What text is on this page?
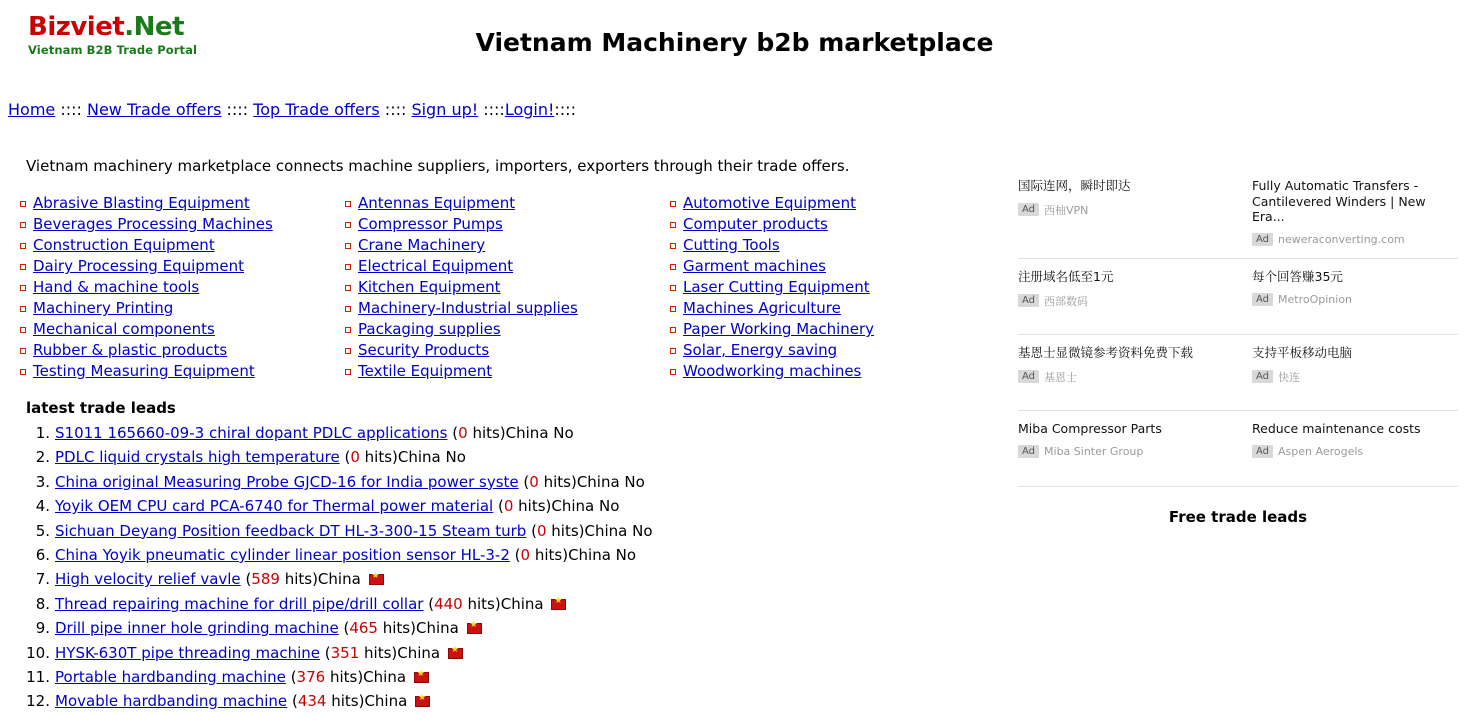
Bizviet.Net
Vietnam B2B Trade Portal	Vietnam Machinery b2b marketplace
Home :::: New Trade offers :::: Top Trade offers :::: Sign up! ::::Login!::::
Vietnam machinery marketplace connects machine suppliers, importers, exporters through their trade offers.
Abrasive Blasting Equipment
Beverages Processing Machines
Construction Equipment
Dairy Processing Equipment
Hand & machine tools
Machinery Printing
Mechanical components
Rubber & plastic products
Testing Measuring Equipment
Antennas Equipment
Compressor Pumps
Crane Machinery
Electrical Equipment
Kitchen Equipment
Machinery-Industrial supplies
Packaging supplies
Security Products
Textile Equipment
Automotive Equipment
Computer products
Cutting Tools
Garment machines
Laser Cutting Equipment
Machines Agriculture
Paper Working Machinery
Solar, Energy saving
Woodworking machines
latest trade leads
1. S1011 165660-09-3 chiral dopant PDLC applications (0 hits)China No
2. PDLC liquid crystals high temperature (0 hits)China No
3. China original Measuring Probe GJCD-16 for India power syste (0 hits)China No
4. Yoyik OEM CPU card PCA-6740 for Thermal power material (0 hits)China No
5. Sichuan Deyang Position feedback DT HL-3-300-15 Steam turb (0 hits)China No
6. China Yoyik pneumatic cylinder linear position sensor HL-3-2 (0 hits)China No
7. High velocity relief vavle (589 hits)China ★
8. Thread repairing machine for drill pipe/drill collar (440 hits)China ★
9. Drill pipe inner hole grinding machine (465 hits)China ★
10. HYSK-630T pipe threading machine (351 hits)China ★
11. Portable hardbanding machine (376 hits)China ★
12. Movable hardbanding machine (434 hits)China ★
国际连网，瞬时即达
Ad 西柚VPN
Fully Automatic Transfers - Cantilevered Winders | New Era...
Ad neweraconverting.com
注册域名低至1元
Ad 西部数码
每个回答赚35元
Ad MetroOpinion
基恩士显微镜参考资料免费下载
Ad 基恩士
支持平板移动电脑
Ad 快连
Miba Compressor Parts
Ad Miba Sinter Group
Reduce maintenance costs
Ad Aspen Aerogels
Free trade leads
